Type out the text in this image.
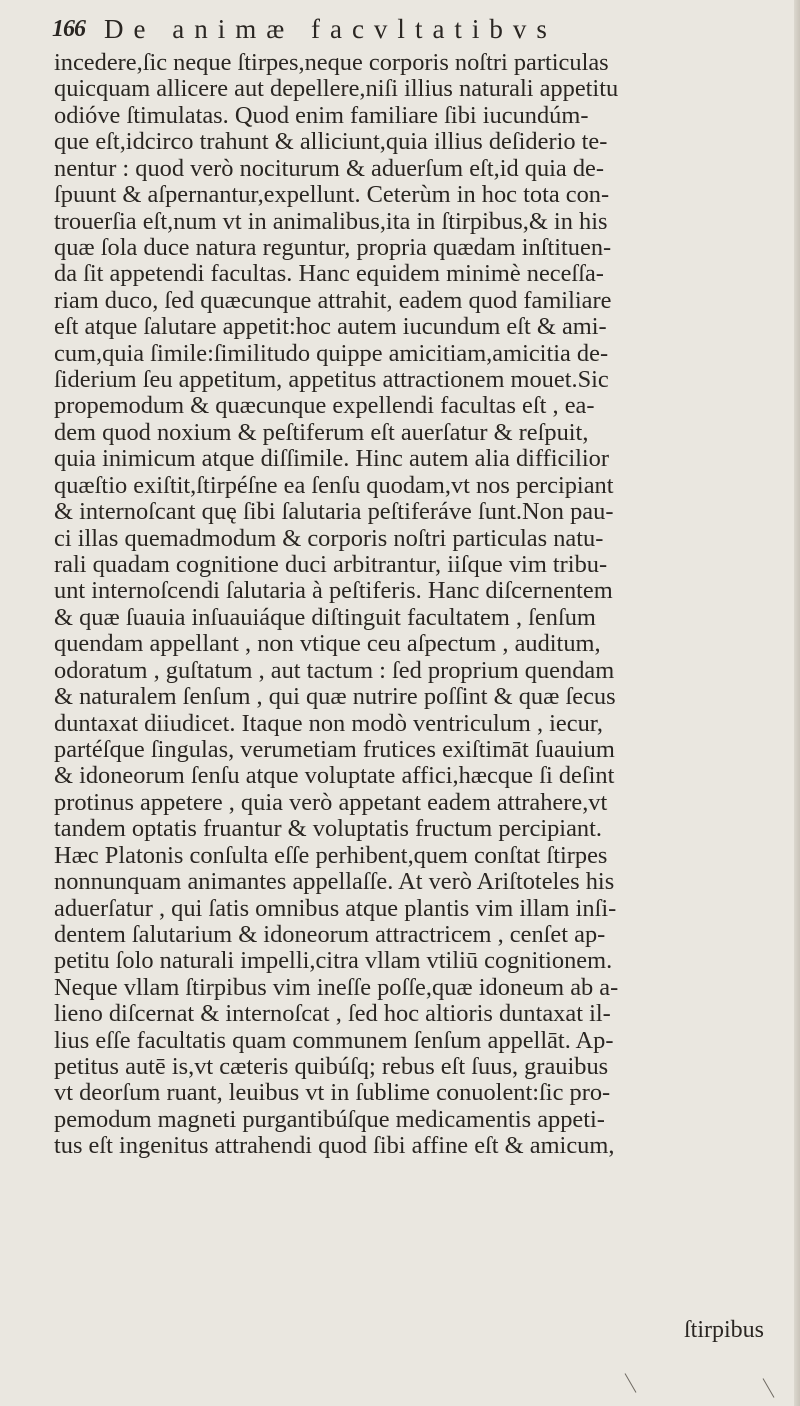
166 De animæ facvltatibvs
incedere,ſic neque ſtirpes,neque corporis noſtri particulas
quicquam allicere aut depellere,niſi illius naturali appetitu
odióve ſtimulatas. Quod enim familiare ſibi iucundúm-
que eſt,idcirco trahunt & alliciunt,quia illius deſiderio te-
nentur : quod verò nociturum & aduerſum eſt,id quia de-
ſpuunt & aſpernantur,expellunt. Ceterùm in hoc tota con-
trouerſia eſt,num vt in animalibus,ita in ſtirpibus,& in his
quæ ſola duce natura reguntur, propria quædam inſtituen-
da ſit appetendi facultas. Hanc equidem minimè neceſſa-
riam duco, ſed quæcunque attrahit, eadem quod familiare
eſt atque ſalutare appetit:hoc autem iucundum eſt & ami-
cum,quia ſimile:ſimilitudo quippe amicitiam,amicitia de-
ſiderium ſeu appetitum, appetitus attractionem mouet.Sic
propemodum & quæcunque expellendi facultas eſt , ea-
dem quod noxium & peſtiferum eſt auerſatur & reſpuit,
quia inimicum atque diſſimile. Hinc autem alia difficilior
quæſtio exiſtit,ſtirpéſne ea ſenſu quodam,vt nos percipiant
& internoſcant quę ſibi ſalutaria peſtiferáve ſunt.Non pau-
ci illas quemadmodum & corporis noſtri particulas natu-
rali quadam cognitione duci arbitrantur, iiſque vim tribu-
unt internoſcendi ſalutaria à peſtiferis. Hanc diſcernentem
& quæ ſuauia inſuauiáque diſtinguit facultatem , ſenſum
quendam appellant , non vtique ceu aſpectum , auditum,
odoratum , guſtatum , aut tactum : ſed proprium quendam
& naturalem ſenſum , qui quæ nutrire poſſint & quæ ſecus
duntaxat diiudicet. Itaque non modò ventriculum , iecur,
partéſque ſingulas, verumetiam frutices exiſtimāt ſuauium
& idoneorum ſenſu atque voluptate affici,hæcque ſi deſint
protinus appetere , quia verò appetant eadem attrahere,vt
tandem optatis fruantur & voluptatis fructum percipiant.
Hæc Platonis conſulta eſſe perhibent,quem conſtat ſtirpes
nonnunquam animantes appellaſſe. At verò Ariſtoteles his
aduerſatur , qui ſatis omnibus atque plantis vim illam inſi-
dentem ſalutarium & idoneorum attractricem , cenſet ap-
petitu ſolo naturali impelli,citra vllam vtiliū cognitionem.
Neque vllam ſtirpibus vim ineſſe poſſe,quæ idoneum ab a-
lieno diſcernat & internoſcat , ſed hoc altioris duntaxat il-
lius eſſe facultatis quam communem ſenſum appellāt. Ap-
petitus autē is,vt cæteris quibúſq; rebus eſt ſuus, grauibus
vt deorſum ruant, leuibus vt in ſublime conuolent:ſic pro-
pemodum magneti purgantibúſque medicamentis appeti-
tus eſt ingenitus attrahendi quod ſibi affine eſt & amicum,
ſtirpibus
